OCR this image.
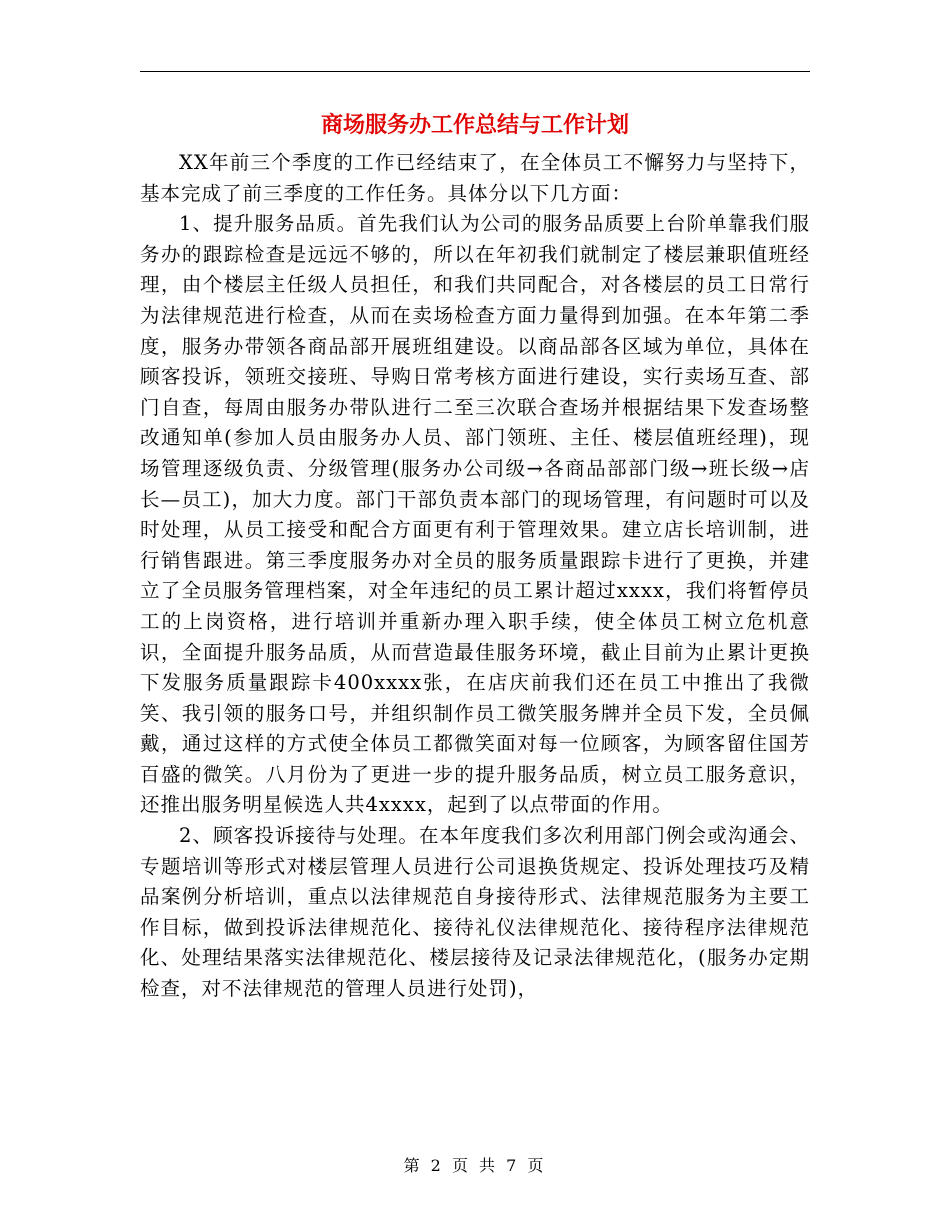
商场服务办工作总结与工作计划

XX年前三个季度的工作已经结束了，在全体员工不懈努力与坚持下，基本完成了前三季度的工作任务。具体分以下几方面：

1、提升服务品质。首先我们认为公司的服务品质要上台阶单靠我们服务办的跟踪检查是远远不够的，所以在年初我们就制定了楼层兼职值班经理，由个楼层主任级人员担任，和我们共同配合，对各楼层的员工日常行为法律规范进行检查，从而在卖场检查方面力量得到加强。在本年第二季度，服务办带领各商品部开展班组建设。以商品部各区域为单位，具体在顾客投诉，领班交接班、导购日常考核方面进行建设，实行卖场互查、部门自查，每周由服务办带队进行二至三次联合查场并根据结果下发查场整改通知单(参加人员由服务办人员、部门领班、主任、楼层值班经理)，现场管理逐级负责、分级管理(服务办公司级→各商品部部门级→班长级→店长—员工)，加大力度。部门干部负责本部门的现场管理，有问题时可以及时处理，从员工接受和配合方面更有利于管理效果。建立店长培训制，进行销售跟进。第三季度服务办对全员的服务质量跟踪卡进行了更换，并建立了全员服务管理档案，对全年违纪的员工累计超过xxxx，我们将暂停员工的上岗资格，进行培训并重新办理入职手续，使全体员工树立危机意识，全面提升服务品质，从而营造最佳服务环境，截止目前为止累计更换下发服务质量跟踪卡400xxxx张，在店庆前我们还在员工中推出了我微笑、我引领的服务口号，并组织制作员工微笑服务牌并全员下发，全员佩戴，通过这样的方式使全体员工都微笑面对每一位顾客，为顾客留住国芳百盛的微笑。八月份为了更进一步的提升服务品质，树立员工服务意识，还推出服务明星候选人共4xxxx，起到了以点带面的作用。

2、顾客投诉接待与处理。在本年度我们多次利用部门例会或沟通会、专题培训等形式对楼层管理人员进行公司退换货规定、投诉处理技巧及精品案例分析培训，重点以法律规范自身接待形式、法律规范服务为主要工作目标，做到投诉法律规范化、接待礼仪法律规范化、接待程序法律规范化、处理结果落实法律规范化、楼层接待及记录法律规范化，(服务办定期检查，对不法律规范的管理人员进行处罚)，

第 2 页 共 7 页
